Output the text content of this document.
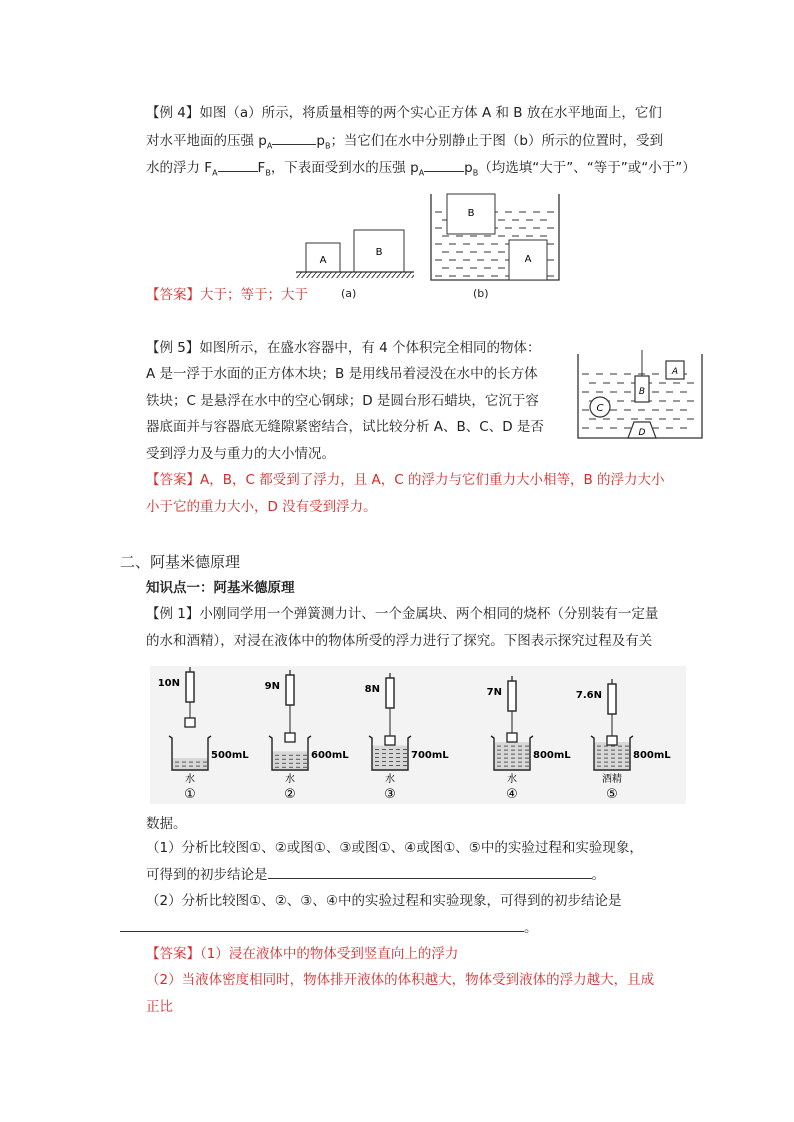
【例 4】如图（a）所示，将质量相等的两个实心正方体 A 和 B 放在水平地面上，它们
对水平地面的压强 $p_A$	$p_B$；当它们在水中分别静止于图（b）所示的位置时，受到
水的浮力 $F_A$	$F_B$，下表面受到水的压强 $p_A$	$p_B$（均选填“大于”、“等于”或“小于”）
A
B
B
A
【答案】大于；等于；大于	(a)	(b)
【例 5】如图所示，在盛水容器中，有 4 个体积完全相同的物体：
A 是一浮于水面的正方体木块；B 是用线吊着浸没在水中的长方体
铁块；C 是悬浮在水中的空心钢球；D 是圆台形石蜡块，它沉于容
器底面并与容器底无缝隙紧密结合，试比较分析 A、B、C、D 是否
受到浮力及与重力的大小情况。
B
A
C
D
【答案】A，B，C 都受到了浮力，且 A，C 的浮力与它们重力大小相等，B 的浮力大小
小于它的重力大小，D 没有受到浮力。
二、阿基米德原理
知识点一：阿基米德原理
【例 1】小刚同学用一个弹簧测力计、一个金属块、两个相同的烧杯（分别装有一定量
的水和酒精），对浸在液体中的物体所受的浮力进行了探究。下图表示探究过程及有关
10N
500mL
水
①
9N
600mL
水
②
8N
700mL
水
③
7N
800mL
水
④
7.6N
800mL
酒精
⑤
数据。
（1）分析比较图①、②或图①、③或图①、④或图①、⑤中的实验过程和实验现象，
可得到的初步结论是	。
（2）分析比较图①、②、③、④中的实验过程和实验现象，可得到的初步结论是
。
【答案】（1）浸在液体中的物体受到竖直向上的浮力
（2）当液体密度相同时，物体排开液体的体积越大，物体受到液体的浮力越大，且成
正比
